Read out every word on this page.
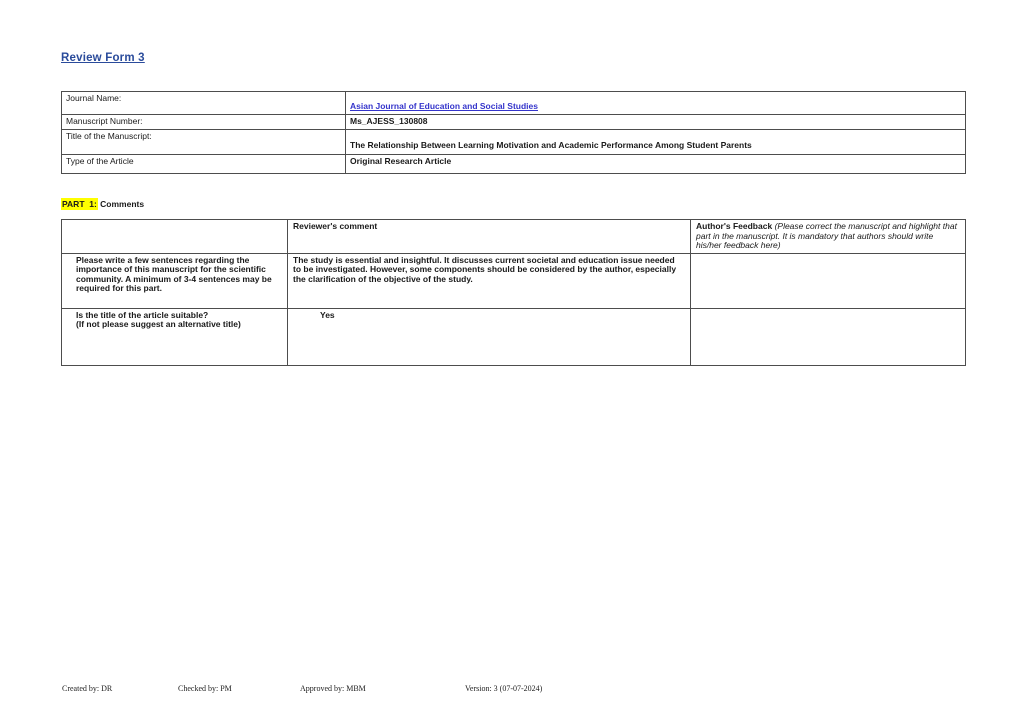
Review Form 3
Journal Name:	Asian Journal of Education and Social Studies
Manuscript Number:	Ms_AJESS_130808
Title of the Manuscript:	The Relationship Between Learning Motivation and Academic Performance Among Student Parents
Type of the Article	Original Research Article
PART  1: Comments
	Reviewer's comment	Author's Feedback (Please correct the manuscript and highlight that part in the manuscript. It is mandatory that authors should write his/her feedback here)
Please write a few sentences regarding the importance of this manuscript for the scientific community. A minimum of 3-4 sentences may be required for this part.	The study is essential and insightful. It discusses current societal and education issue needed to be investigated. However, some components should be considered by the author, especially the clarification of the objective of the study.	

Is the title of the article suitable?
(If not please suggest an alternative title)	Yes	
Created by: DR	Checked by: PM	Approved by: MBM	Version: 3 (07-07-2024)
